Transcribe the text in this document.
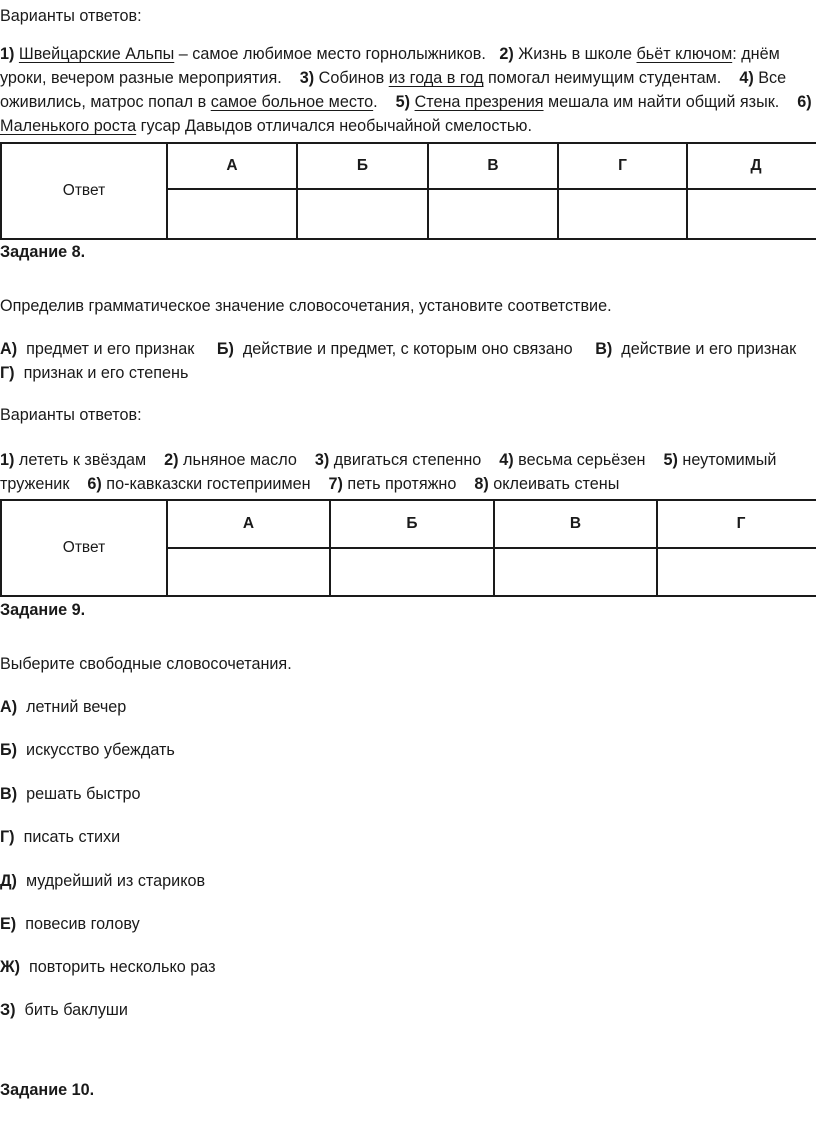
Варианты ответов:
1) Швейцарские Альпы – самое любимое место горнолыжников. 2) Жизнь в школе бьёт ключом: днём
уроки, вечером разные мероприятия. 3) Собинов из года в год помогал неимущим студентам. 4) Все
оживились, матрос попал в самое больное место. 5) Стена презрения мешала им найти общий язык. 6)
Маленького роста гусар Давыдов отличался необычайной смелостью.
Ответ	А	Б	В	Г	Д

Задание 8.
Определив грамматическое значение словосочетания, установите соответствие.
А) предмет и его признак Б) действие и предмет, с которым оно связано В) действие и его признак
Г) признак и его степень
Варианты ответов:
1) лететь к звёздам 2) льняное масло 3) двигаться степенно 4) весьма серьёзен 5) неутомимый
труженик 6) по-кавказски гостеприимен 7) петь протяжно 8) оклеивать стены
Ответ	А	Б	В	Г

Задание 9.
Выберите свободные словосочетания.
А) летний вечер
Б) искусство убеждать
В) решать быстро
Г) писать стихи
Д) мудрейший из стариков
Е) повесив голову
Ж) повторить несколько раз
З) бить баклуши
Задание 10.
